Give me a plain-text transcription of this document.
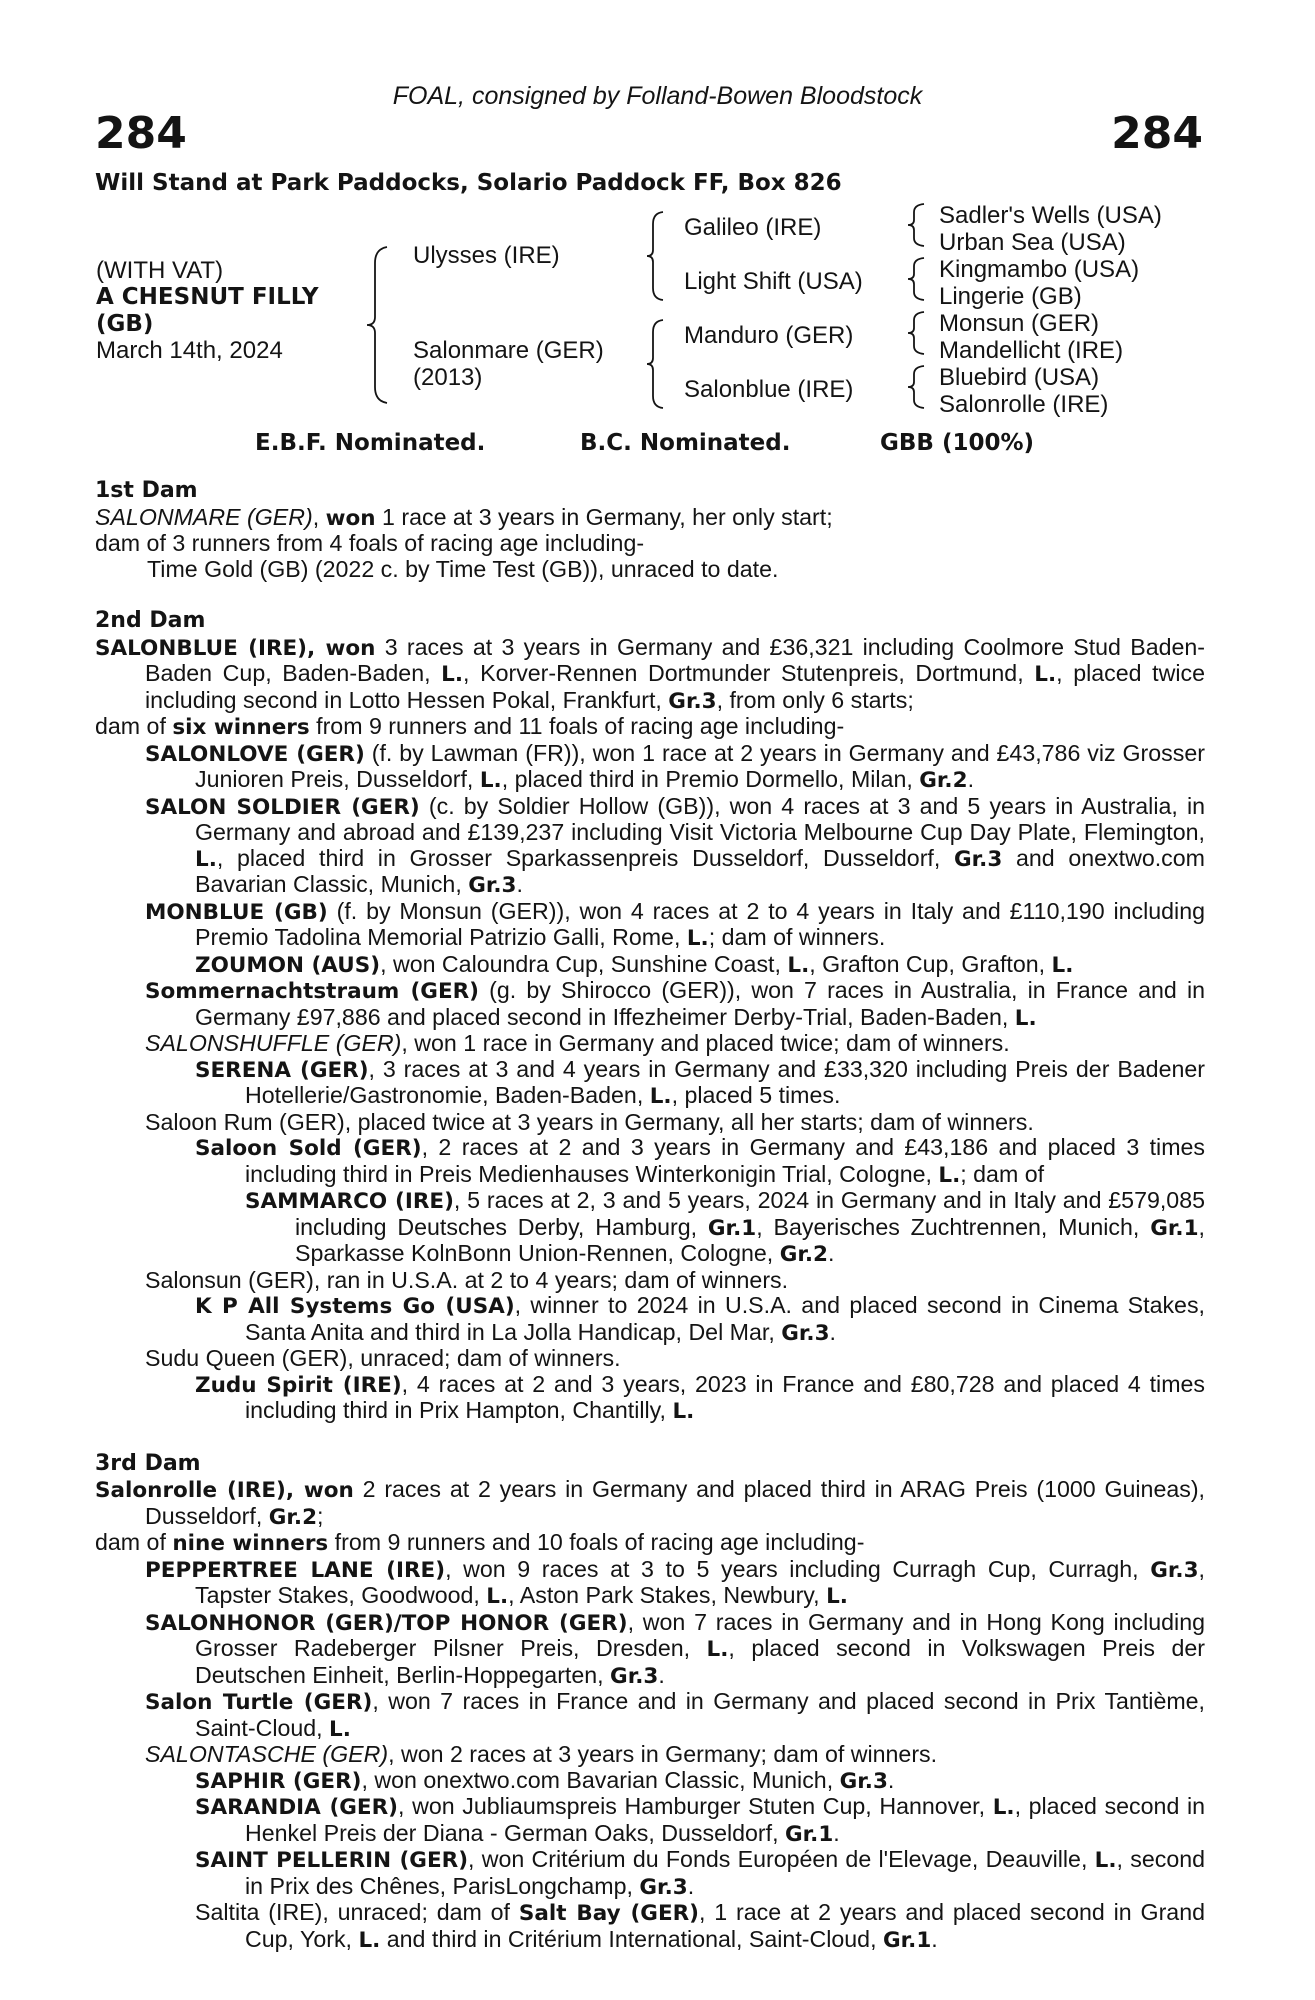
FOAL, consigned by Folland-Bowen Bloodstock
284	284
Will Stand at Park Paddocks, Solario Paddock FF, Box 826
(WITH VAT)
A CHESNUT FILLY
(GB)
March 14th, 2024
Ulysses (IRE)
Salonmare (GER)
(2013)
Galileo (IRE)
Light Shift (USA)
Manduro (GER)
Salonblue (IRE)
Sadler's Wells (USA)
Urban Sea (USA)
Kingmambo (USA)
Lingerie (GB)
Monsun (GER)
Mandellicht (IRE)
Bluebird (USA)
Salonrolle (IRE)
E.B.F. Nominated.	B.C. Nominated.	GBB (100%)
1st Dam
SALONMARE (GER), won 1 race at 3 years in Germany, her only start;
dam of 3 runners from 4 foals of racing age including-
Time Gold (GB) (2022 c. by Time Test (GB)), unraced to date.
2nd Dam
SALONBLUE (IRE), won 3 races at 3 years in Germany and £36,321 including Coolmore Stud Baden-Baden Cup, Baden-Baden, L., Korver-Rennen Dortmunder Stutenpreis, Dortmund, L., placed twice including second in Lotto Hessen Pokal, Frankfurt, Gr.3, from only 6 starts;
dam of six winners from 9 runners and 11 foals of racing age including-
SALONLOVE (GER) (f. by Lawman (FR)), won 1 race at 2 years in Germany and £43,786 viz Grosser Junioren Preis, Dusseldorf, L., placed third in Premio Dormello, Milan, Gr.2.
SALON SOLDIER (GER) (c. by Soldier Hollow (GB)), won 4 races at 3 and 5 years in Australia, in Germany and abroad and £139,237 including Visit Victoria Melbourne Cup Day Plate, Flemington, L., placed third in Grosser Sparkassenpreis Dusseldorf, Dusseldorf, Gr.3 and onextwo.com Bavarian Classic, Munich, Gr.3.
MONBLUE (GB) (f. by Monsun (GER)), won 4 races at 2 to 4 years in Italy and £110,190 including Premio Tadolina Memorial Patrizio Galli, Rome, L.; dam of winners.
ZOUMON (AUS), won Caloundra Cup, Sunshine Coast, L., Grafton Cup, Grafton, L.
Sommernachtstraum (GER) (g. by Shirocco (GER)), won 7 races in Australia, in France and in Germany £97,886 and placed second in Iffezheimer Derby-Trial, Baden-Baden, L.
SALONSHUFFLE (GER), won 1 race in Germany and placed twice; dam of winners.
SERENA (GER), 3 races at 3 and 4 years in Germany and £33,320 including Preis der Badener Hotellerie/Gastronomie, Baden-Baden, L., placed 5 times.
Saloon Rum (GER), placed twice at 3 years in Germany, all her starts; dam of winners.
Saloon Sold (GER), 2 races at 2 and 3 years in Germany and £43,186 and placed 3 times including third in Preis Medienhauses Winterkonigin Trial, Cologne, L.; dam of
SAMMARCO (IRE), 5 races at 2, 3 and 5 years, 2024 in Germany and in Italy and £579,085 including Deutsches Derby, Hamburg, Gr.1, Bayerisches Zuchtrennen, Munich, Gr.1, Sparkasse KolnBonn Union-Rennen, Cologne, Gr.2.
Salonsun (GER), ran in U.S.A. at 2 to 4 years; dam of winners.
K P All Systems Go (USA), winner to 2024 in U.S.A. and placed second in Cinema Stakes, Santa Anita and third in La Jolla Handicap, Del Mar, Gr.3.
Sudu Queen (GER), unraced; dam of winners.
Zudu Spirit (IRE), 4 races at 2 and 3 years, 2023 in France and £80,728 and placed 4 times including third in Prix Hampton, Chantilly, L.
3rd Dam
Salonrolle (IRE), won 2 races at 2 years in Germany and placed third in ARAG Preis (1000 Guineas), Dusseldorf, Gr.2;
dam of nine winners from 9 runners and 10 foals of racing age including-
PEPPERTREE LANE (IRE), won 9 races at 3 to 5 years including Curragh Cup, Curragh, Gr.3, Tapster Stakes, Goodwood, L., Aston Park Stakes, Newbury, L.
SALONHONOR (GER)/TOP HONOR (GER), won 7 races in Germany and in Hong Kong including Grosser Radeberger Pilsner Preis, Dresden, L., placed second in Volkswagen Preis der Deutschen Einheit, Berlin-Hoppegarten, Gr.3.
Salon Turtle (GER), won 7 races in France and in Germany and placed second in Prix Tantième, Saint-Cloud, L.
SALONTASCHE (GER), won 2 races at 3 years in Germany; dam of winners.
SAPHIR (GER), won onextwo.com Bavarian Classic, Munich, Gr.3.
SARANDIA (GER), won Jubliaumspreis Hamburger Stuten Cup, Hannover, L., placed second in Henkel Preis der Diana - German Oaks, Dusseldorf, Gr.1.
SAINT PELLERIN (GER), won Critérium du Fonds Européen de l'Elevage, Deauville, L., second in Prix des Chênes, ParisLongchamp, Gr.3.
Saltita (IRE), unraced; dam of Salt Bay (GER), 1 race at 2 years and placed second in Grand Cup, York, L. and third in Critérium International, Saint-Cloud, Gr.1.
